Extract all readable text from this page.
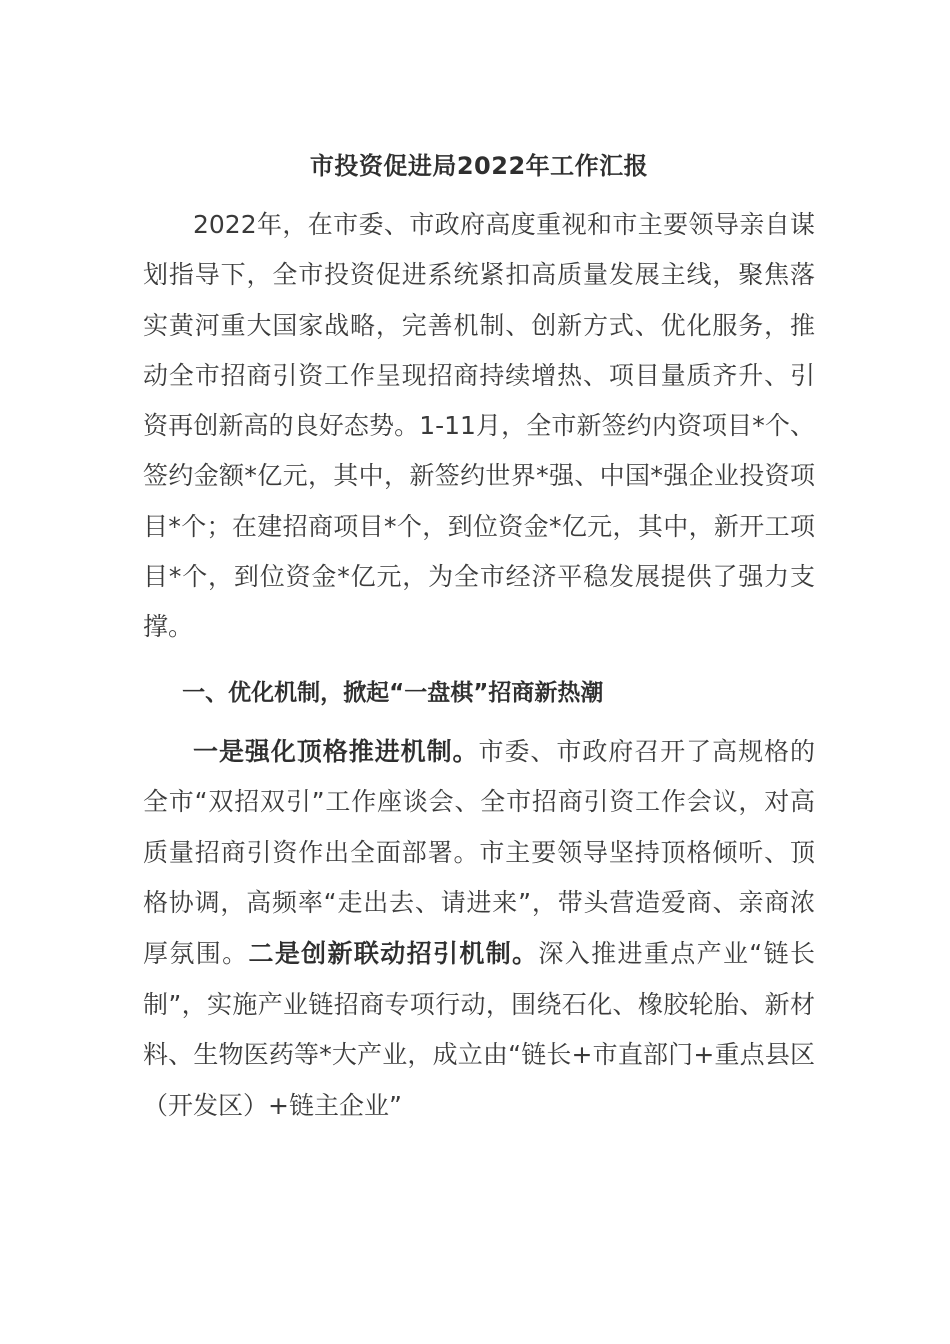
市投资促进局2022年工作汇报

2022年，在市委、市政府高度重视和市主要领导亲自谋划指导下，全市投资促进系统紧扣高质量发展主线，聚焦落实黄河重大国家战略，完善机制、创新方式、优化服务，推动全市招商引资工作呈现招商持续增热、项目量质齐升、引资再创新高的良好态势。1-11月，全市新签约内资项目*个、签约金额*亿元，其中，新签约世界*强、中国*强企业投资项目*个；在建招商项目*个，到位资金*亿元，其中，新开工项目*个，到位资金*亿元，为全市经济平稳发展提供了强力支撑。

一、优化机制，掀起“一盘棋”招商新热潮

一是强化顶格推进机制。市委、市政府召开了高规格的全市“双招双引”工作座谈会、全市招商引资工作会议，对高质量招商引资作出全面部署。市主要领导坚持顶格倾听、顶格协调，高频率“走出去、请进来”，带头营造爱商、亲商浓厚氛围。二是创新联动招引机制。深入推进重点产业“链长制”，实施产业链招商专项行动，围绕石化、橡胶轮胎、新材料、生物医药等*大产业，成立由“链长+市直部门+重点县区（开发区）+链主企业”
